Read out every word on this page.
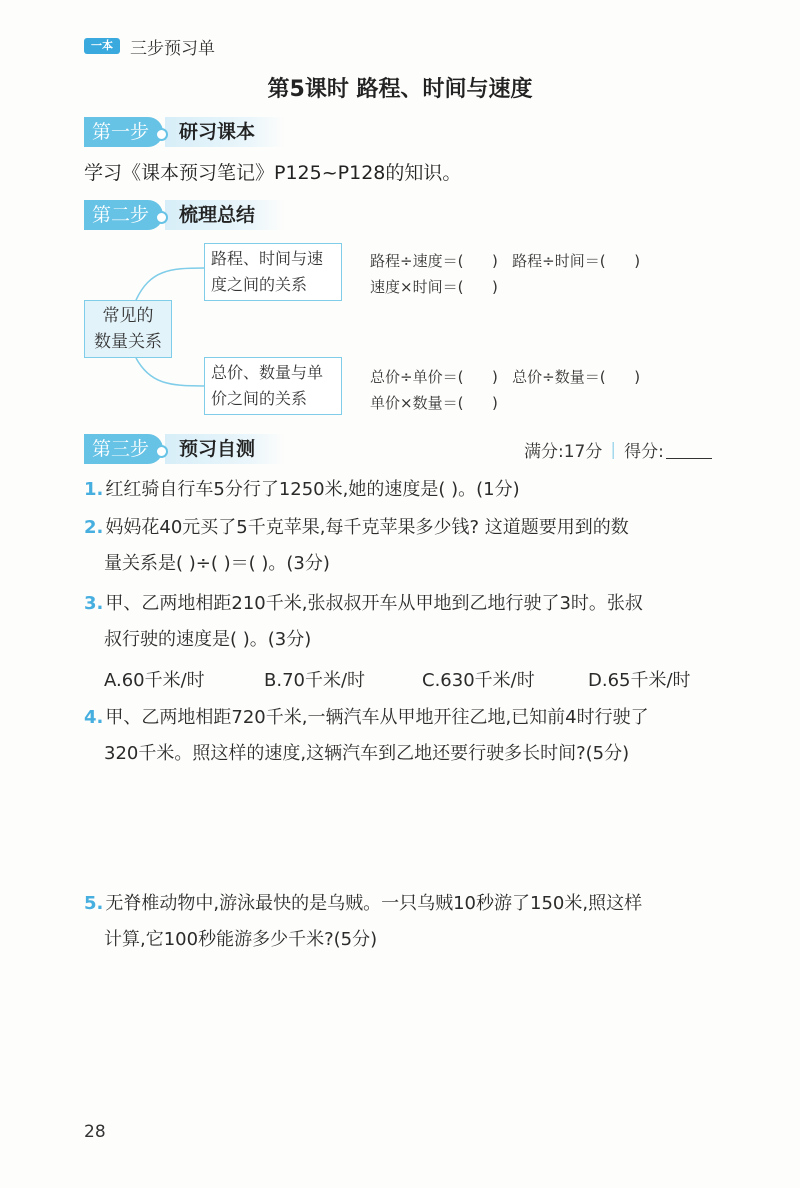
一本	三步预习单
第5课时 路程、时间与速度
第一步	研习课本
学习《课本预习笔记》P125~P128的知识。
第二步	梳理总结
常见的
数量关系
路程、时间与速
度之间的关系
路程÷速度＝(      )   路程÷时间＝(      )
速度×时间＝(      )
总价、数量与单
价之间的关系
总价÷单价＝(      )   总价÷数量＝(      )
单价×数量＝(      )
第三步	预习自测	满分:17分 | 得分:
1. 红红骑自行车5分行了1250米,她的速度是( )。(1分)
2. 妈妈花40元买了5千克苹果,每千克苹果多少钱? 这道题要用到的数
量关系是( )÷( )＝( )。(3分)
3. 甲、乙两地相距210千米,张叔叔开车从甲地到乙地行驶了3时。张叔
叔行驶的速度是( )。(3分)
A.60千米/时	B.70千米/时	C.630千米/时	D.65千米/时
4. 甲、乙两地相距720千米,一辆汽车从甲地开往乙地,已知前4时行驶了
320千米。照这样的速度,这辆汽车到乙地还要行驶多长时间?(5分)
5. 无脊椎动物中,游泳最快的是乌贼。一只乌贼10秒游了150米,照这样
计算,它100秒能游多少千米?(5分)
28
